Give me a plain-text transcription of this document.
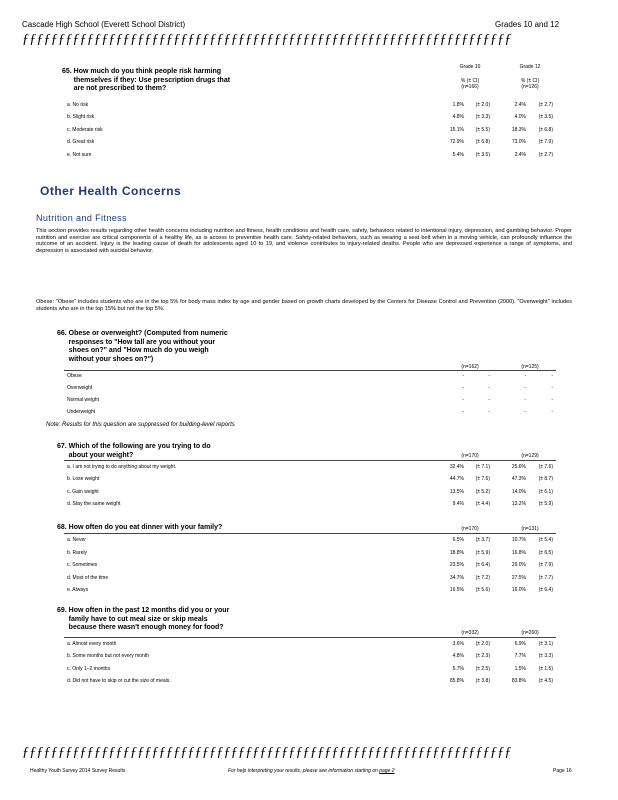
Cascade High School (Everett School District)	Grades 10 and 12
ƒƒƒƒƒƒƒƒƒƒƒƒƒƒƒƒƒƒƒƒƒƒƒƒƒƒƒƒƒƒƒƒƒƒƒƒƒƒƒƒƒƒƒƒƒƒƒƒƒƒƒƒƒƒƒƒƒƒƒƒƒƒƒƒƒƒƒƒ
65. How much do you think people risk harming
themselves if they: Use prescription drugs that
are not prescribed to them?
Grade 10
% (± CI)
(n=166)
Grade 12
% (± CI)
(n=126)
a. No risk	1.8%	(± 2.0)	2.4%	(± 2.7)
b. Slight risk	4.8%	(± 3.3)	4.0%	(± 3.5)
c. Moderate risk	15.1%	(± 5.5)	18.3%	(± 6.8)
d. Great risk	72.9%	(± 6.8)	73.0%	(± 7.9)
e. Not sure	5.4%	(± 3.5)	2.4%	(± 2.7)
Other Health Concerns
Nutrition and Fitness
This section provides results regarding other health concerns including nutrition and fitness, health conditions and health care, safety, behaviors related to intentional injury, depression, and gambling behavior. Proper nutrition and exercise are critical components of a healthy life, as is access to preventive health care. Safety-related behaviors, such as wearing a seat belt when in a moving vehicle, can profoundly influence the outcome of an accident. Injury is the leading cause of death for adolescents aged 10 to 19, and violence contributes to injury-related deaths. People who are depressed experience a range of symptoms, and depression is associated with suicidal behavior.
Obese: "Obese" includes students who are in the top 5% for body mass index by age and gender based on growth charts developed by the Centers for Disease Control and Prevention (2000). "Overweight" includes students who are in the top 15% but not the top 5%.
66. Obese or overweight? (Computed from numeric
responses to "How tall are you without your
shoes on?" and "How much do you weigh
without your shoes on?")
(n=162)	(n=125)
Obese	-	-	-	-
Overweight	-	-	-	-
Normal weight	-	-	-	-
Underweight	-	-	-	-
Note: Results for this question are suppressed for building-level reports
67. Which of the following are you trying to do
about your weight?	(n=170)	(n=129)
a. I am not trying to do anything about my weight.	32.4%	(± 7.1)	25.6%	(± 7.6)
b. Lose weight	44.7%	(± 7.6)	47.3%	(± 8.7)
c. Gain weight	13.5%	(± 5.2)	14.0%	(± 6.1)
d. Stay the same weight	9.4%	(± 4.4)	13.2%	(± 5.9)
68. How often do you eat dinner with your family?	(n=170)	(n=131)
a. Never	6.5%	(± 3.7)	10.7%	(± 5.4)
b. Rarely	18.8%	(± 5.9)	16.8%	(± 6.5)
c. Sometimes	23.5%	(± 6.4)	29.0%	(± 7.9)
d. Most of the time	34.7%	(± 7.2)	27.5%	(± 7.7)
e. Always	16.5%	(± 5.6)	16.0%	(± 6.4)
69. How often in the past 12 months did you or your
family have to cut meal size or skip meals
because there wasn't enough money for food?
(n=332)	(n=260)
a. Almost every month	3.6%	(± 2.0)	6.9%	(± 3.1)
b. Some months but not every month	4.8%	(± 2.3)	7.7%	(± 3.3)
c. Only 1–2 months	5.7%	(± 2.5)	1.5%	(± 1.5)
d. Did not have to skip or cut the size of meals.	85.8%	(± 3.8)	83.8%	(± 4.5)
ƒƒƒƒƒƒƒƒƒƒƒƒƒƒƒƒƒƒƒƒƒƒƒƒƒƒƒƒƒƒƒƒƒƒƒƒƒƒƒƒƒƒƒƒƒƒƒƒƒƒƒƒƒƒƒƒƒƒƒƒƒƒƒƒƒƒƒƒ
Healthy Youth Survey 2014 Survey Results	For help interpreting your results, please see information starting on page 2	Page 16
